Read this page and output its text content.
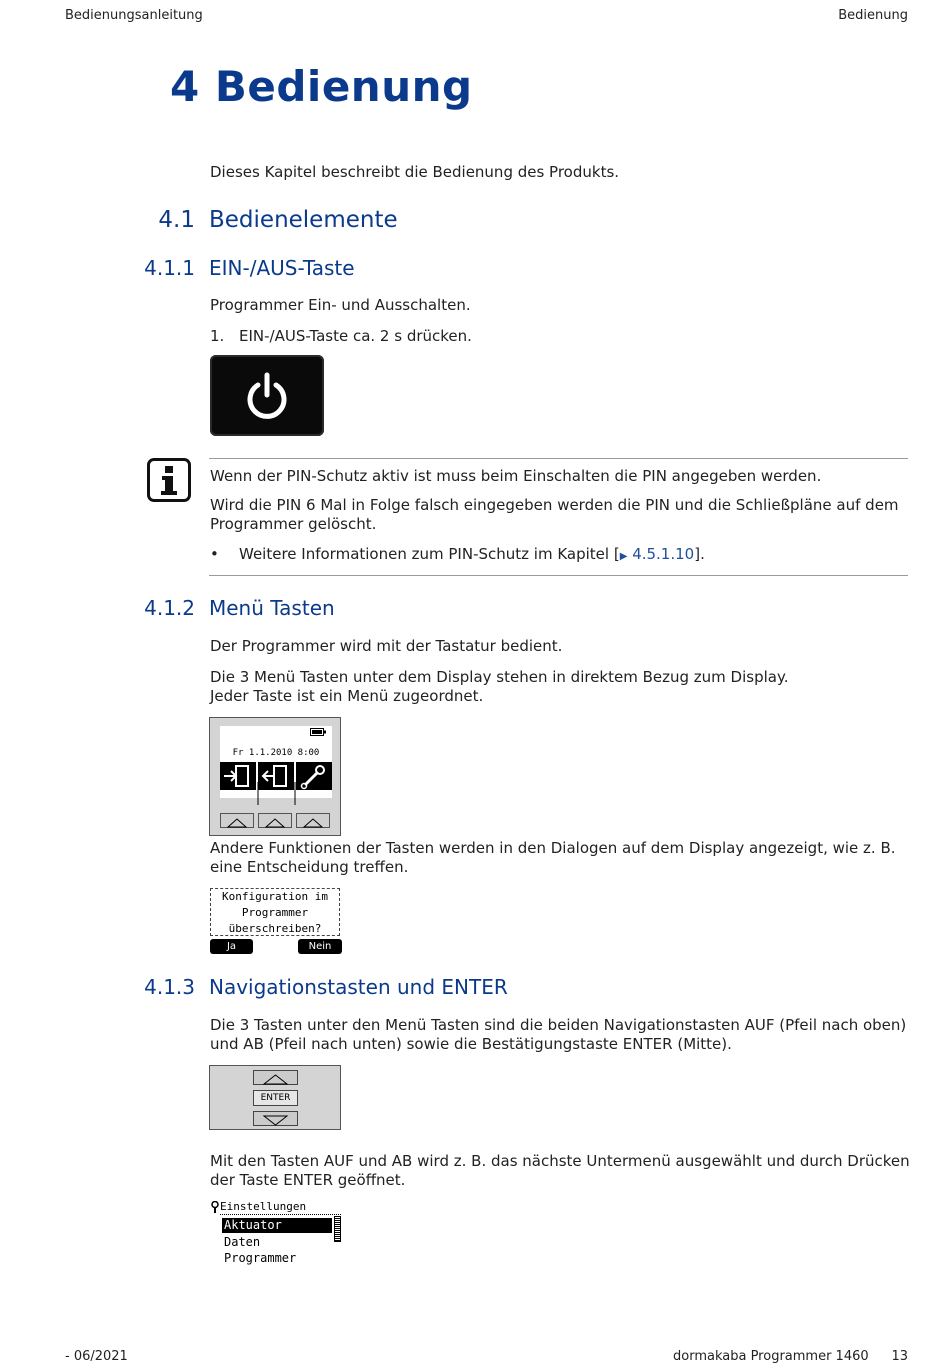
Bedienungsanleitung	Bedienung
4 Bedienung
Dieses Kapitel beschreibt die Bedienung des Produkts.
4.1 Bedienelemente
4.1.1 EIN-/AUS-Taste
Programmer Ein- und Ausschalten.
1. EIN-/AUS-Taste ca. 2 s drücken.
Wenn der PIN-Schutz aktiv ist muss beim Einschalten die PIN angegeben werden.
Wird die PIN 6 Mal in Folge falsch eingegeben werden die PIN und die Schließpläne auf dem
Programmer gelöscht.
• Weitere Informationen zum PIN-Schutz im Kapitel [▶ 4.5.1.10].
4.1.2 Menü Tasten
Der Programmer wird mit der Tastatur bedient.
Die 3 Menü Tasten unter dem Display stehen in direktem Bezug zum Display.
Jeder Taste ist ein Menü zugeordnet.
Fr 1.1.2010 8:00
Andere Funktionen der Tasten werden in den Dialogen auf dem Display angezeigt, wie z. B.
eine Entscheidung treffen.
Konfiguration im
Programmer
überschreiben?
Ja	Nein
4.1.3 Navigationstasten und ENTER
Die 3 Tasten unter den Menü Tasten sind die beiden Navigationstasten AUF (Pfeil nach oben)
und AB (Pfeil nach unten) sowie die Bestätigungstaste ENTER (Mitte).
ENTER
Mit den Tasten AUF und AB wird z. B. das nächste Untermenü ausgewählt und durch Drücken
der Taste ENTER geöffnet.
Einstellungen
Aktuator
Daten
Programmer
- 06/2021	dormakaba Programmer 1460 13
